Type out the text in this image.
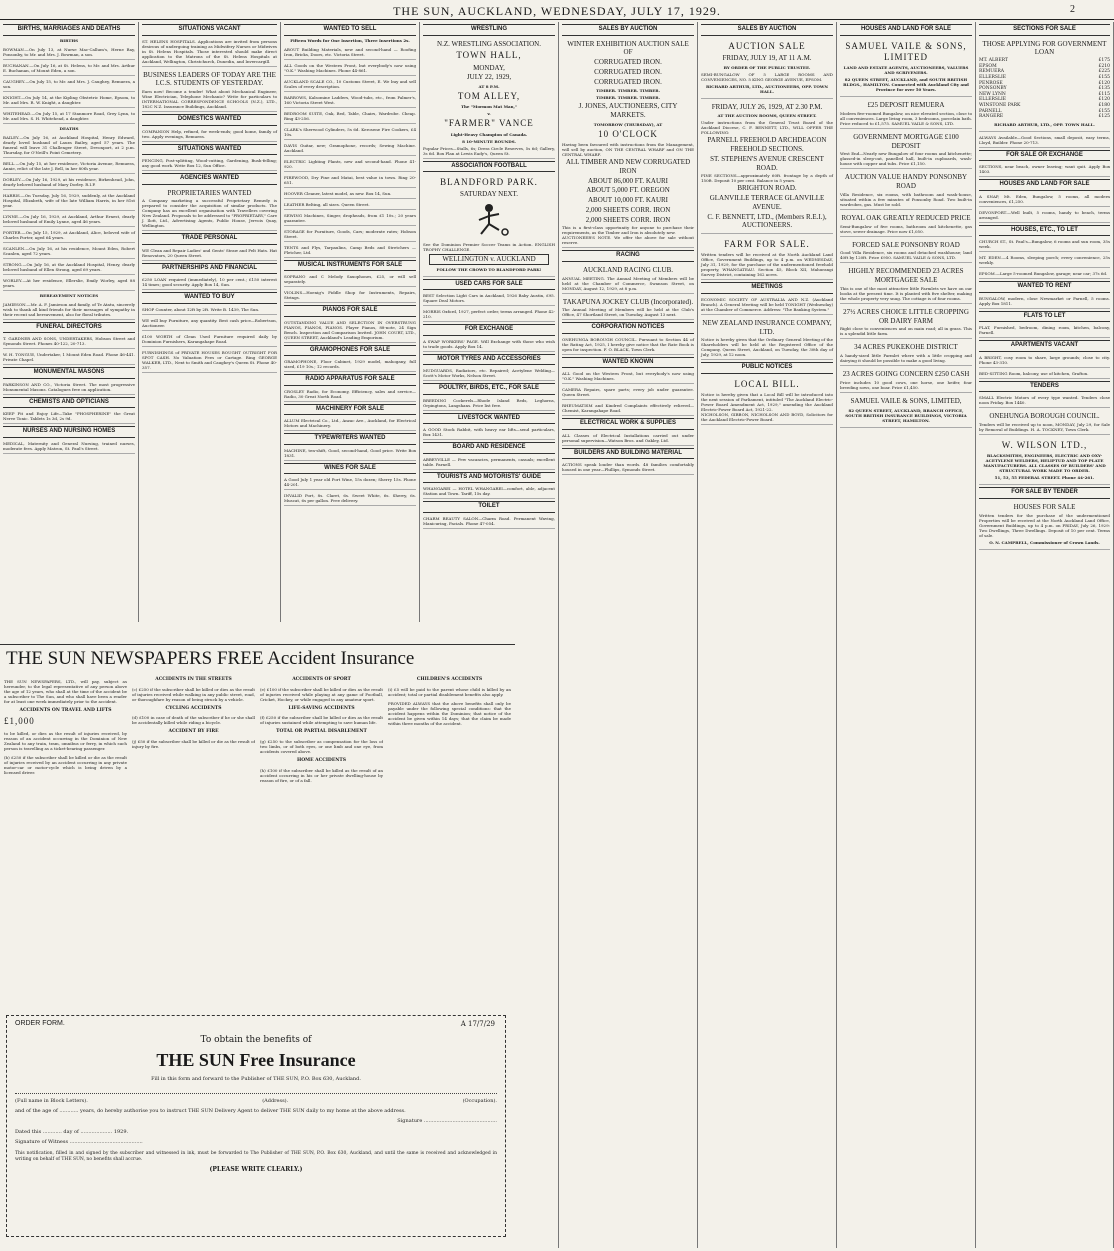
THE SUN, AUCKLAND, WEDNESDAY, JULY 17, 1929.	2
BIRTHS, MARRIAGES AND DEATHS
BIRTHS

BOWMAN.—On July 13, at Nurse Mac-Callum's, Herne Bay, Ponsonby, to Mr. and Mrs. J. Bowman, a son.

BUCHANAN.—On July 16, at St. Helens, to Mr. and Mrs. Arthur E. Buchanan, of Mount Eden, a son.

CAUGHEY.—On July 15, to Mr. and Mrs. J. Caughey, Remuera, a son.

KNIGHT.—On July 14, at the Kipling Obstetric Home, Epsom, to Mr. and Mrs. R. W. Knight, a daughter.

WHITEHEAD.—On July 15, at 17 Stanmore Road, Grey Lynn, to Mr. and Mrs. S. H. Whitehead, a daughter.

DEATHS

BAILEY.—On July 16, at Auckland Hospital, Henry Edward, dearly loved husband of Laura Bailey, aged 57 years. The funeral will leave 31 Challenger Street, Devonport, at 2 p.m. Thursday, for O'Neill's Point Cemetery.

BELL.—On July 15, at her residence, Victoria Avenue, Remuera, Annie, relict of the late J. Bell, in her 80th year.

DORLEY.—On July 16, 1929, at his residence, Birkenhead, John, dearly beloved husband of Mary Dorley. R.I.P.

HARRIS.—On Tuesday, July 16, 1929, suddenly, at the Auckland Hospital, Elizabeth, wife of the late William Harris, in her 81st year.

LYNNE.—On July 16, 1929, at Auckland, Arthur Ernest, dearly beloved husband of Emily Lynne, aged 46 years.

PORTER.—On July 15, 1929, at Auckland, Alice, beloved wife of Charles Porter, aged 64 years.

SCANLEN.—On July 16, at his residence, Mount Eden, Robert Scanlen, aged 72 years.

STRONG.—On July 16, at the Auckland Hospital, Henry, dearly beloved husband of Ellen Strong, aged 69 years.

WORLEY.—At her residence, Ellerslie, Emily Worley, aged 88 years.

BEREAVEMENT NOTICES

JAMIESON.—Mr. A. F. Jamieson and family, of Te Atatu, sincerely wish to thank all kind friends for their messages of sympathy in their recent sad bereavement, also for floral tributes.

FUNERAL DIRECTORS

T. GARDNER AND SONS, UNDERTAKERS, Hobson Street and Symonds Street. Phones 40-122, 20-713.

W. H. TONGUE, Undertaker, 1 Mount Eden Road. Phone 46-441. Private Chapel.

MONUMENTAL MASONS

PARKINSON AND CO., Victoria Street. The most progressive Monumental Masons. Catalogues free on application.

CHEMISTS AND OPTICIANS

KEEP Fit and Enjoy Life—Take "PHOSPHERINE" the Great Nerve Tonic. Tablets 1s 3d, 2s 9d.

NURSES AND NURSING HOMES

MEDICAL, Maternity and General Nursing, trained nurses, moderate fees. Apply Matron, St. Paul's Street.

SITUATIONS VACANT

ST. HELENS HOSPITALS. Applications are invited from persons desirous of undergoing training as Midwifery Nurses or Midwives in St. Helens Hospitals. Those interested should make direct application to the Matrons of the St. Helens Hospitals at Auckland, Wellington, Christchurch, Dunedin, and Invercargill.

BUSINESS LEADERS OF TODAY ARE THE I.C.S. STUDENTS OF YESTERDAY.

Earn now! Become a tender! What about Mechanical Engineer, Wine Electrician, Telephone Mechanic? Write for particulars to INTERNATIONAL CORRESPONDENCE SCHOOLS (N.Z.), LTD., 182C N.Z. Insurance Buildings, Auckland.

DOMESTICS WANTED

COMPANION Help, refined, for week-ends; good home, family of two. Apply evenings, Remuera.

SITUATIONS WANTED

FENCING, Post-splitting, Wood-cutting, Gardening, Bush-felling; any good work. Write Box 12, Sun Office.

AGENCIES WANTED
PROPRIETARIES WANTED

A Company marketing a successful Proprietary Remedy is prepared to consider the acquisition of similar products. The Company has an excellent organisation with Travellers covering New Zealand. Proposals to be addressed to "PROPRIETARY," Care J. Ilott, Ltd., Advertising Agents, Public House, Jervois Quay, Wellington.

TRADE PERSONAL

WE Clean and Repair Ladies' and Gents' Straw and Felt Hats. Hat Renovators, 20 Queen Street.

PARTNERSHIPS AND FINANCIAL

£250 LOAN required (immediately), 10 per cent.; £150 interest 14 times; good security. Apply Box 14, Sun.

WANTED TO BUY

SHOP Counter, about 12ft by 2ft. Write B. 1439, The Sun.

WE will buy Furniture, any quantity. Best cash price—Robertson, Auctioneer.

£100 WORTH of Clean Used Furniture required daily by Dominion Furnishers, Karangahape Road.

FURNISHINGS of PRIVATE HOUSES BOUGHT OUTRIGHT FOR SPOT CASH. No Valuation Fees or Cartage. Ring GEORGE WALKER, LTD., Next to Smith and Caughey's Queen St. Phone 40-357.

WANTED TO SELL
Fifteen Words for One Insertion, Three Insertions 2s.

ABOUT Building Materials, new and second-hand — Roofing Iron, Bricks, Doors, etc. Victoria Street.

ALL Goods on the Western Front, but everybody's now using "O.K." Washing Machines. Phone 44-861.

AUCKLAND SCALE CO., 10 Customs Street, E. We buy and sell Scales of every description.

BARROWS, Kalsomine Ladders, Wood-tubs, etc., from Palmer's, 160 Victoria Street West.

BEDROOM SUITE, Oak, Bed, Table, Chairs, Wardrobe. Cheap. Ring 43-256.

CLARK's Sherwood Cylinders, 5s 6d. Kerosene Fire Cookers, £4 10s.

DAVIS Guitar, new; Gramophone, records; Sewing Machine. Auckland.

ELECTRIC Lighting Plants, new and second-hand. Phone 41-920.

FIREWOOD, Dry Pine and Matai, best value in town. Ring 20-651.

HOOVER Cleaner, latest model, as new. Box 14, Sun.

LEATHER Belting, all sizes. Queen Street.

SEWING Machines, Singer, dropheads, from £1 10s.; 20 years guarantee.

STORAGE for Furniture, Goods, Cars; moderate rates; Hobson Street.

TENTS and Flys, Tarpaulins, Camp Beds and Stretchers — Fletcher, Ltd.

MUSICAL INSTRUMENTS FOR SALE

SOPRANO and C Melody Saxophones, £25, or will sell separately.

VIOLINS—Hoenig's Fiddle Shop for Instruments, Repairs, Strings.

PIANOS FOR SALE

OUTSTANDING VALUE AND SELECTION IN OVERSTRUNG PIANOS, PIANOS, PIANOS. Player Pianos, 88-note, 24 Sign Bench. Inspection and Comparison Invited. JOHN COURT, LTD., QUEEN STREET, Auckland's Leading Emporium.

GRAMOPHONES FOR SALE

GRAMOPHONE, Floor Cabinet, 1929 model, mahogany, full sized, £19 10s.; 12 records.

RADIO APPARATUS FOR SALE

CROSLEY Radio, for Economy, Efficiency, sales and service—Radio, 30 Great North Road.

MACHINERY FOR SALE

ALLUM Electrical Co., Ltd., Anzac Ave., Auckland, for Electrical Motors and Machinery.

TYPEWRITERS WANTED

MACHINE, ten-shift, Good, second-hand, Good price. Write Box 1831.

WINES FOR SALE

A Good July 1 year old Port Wine, 15s dozen; Sherry 15s. Phone 44-201.

INVALID Port, 8s. Claret, 6s. Sweet White, 6s. Sherry, 6s. Muscat, 6s per gallon. Free delivery.

WRESTLING
N.Z. WRESTLING ASSOCIATION.
TOWN HALL,
MONDAY,
JULY 22, 1929,
AT 8 P.M.
TOM ALLEY,
The "Mormon Mat Man,"
v.
"FARMER" VANCE
Light-Heavy Champion of Canada.
8 10-MINUTE ROUNDS.

Popular Prices—Stalls, 6s; Dress Circle Reserves, 5s 6d; Gallery, 3s 6d. Box Plan at Lewis Eady's, Queen St.

ASSOCIATION FOOTBALL
BLANDFORD PARK.
SATURDAY NEXT.

See the Dominion Premier Soccer Teams in Action. ENGLISH TROPHY CHALLENGE.

WELLINGTON v. AUCKLAND
FOLLOW THE CROWD TO BLANDFORD PARK!
USED CARS FOR SALE

BEST Selection Light Cars in Auckland, 1926 Baby Austin, £95. Square Deal Motors.

MORRIS Oxford, 1927, perfect order, terms arranged. Phone 42-210.

FOR EXCHANGE

A SWAP WORKERS' PAGE. Will Exchange with those who wish to trade goods. Apply Box 14.

MOTOR TYRES AND ACCESSORIES

MUDGUARDS, Radiators, etc. Repaired; Acetylene Welding—Scott's Motor Works, Nelson Street.

POULTRY, BIRDS, ETC., FOR SALE

BREEDING Cockerels—Rhode Island Reds, Leghorns, Orpingtons, Langshans. Price list free.

LIVESTOCK WANTED

A GOOD Stock Rabbit, with heavy ear lifts—send particulars, Box 1431.

BOARD AND RESIDENCE

ABBEYVILLE — Few vacancies, permanents, casuals; excellent table. Parnell.

TOURISTS AND MOTORISTS' GUIDE

WHANGAREI — HOTEL WHANGAREI—comfort, able, adjacent Station and Town. Tariff, 15s day.

TOILET

CHARM BEAUTY SALON—Charm Road. Permanent Waving, Manicuring, Facials. Phone 47-054.

SALES BY AUCTION
WINTER EXHIBITION AUCTION SALE OF
CORRUGATED IRON.
CORRUGATED IRON.
CORRUGATED IRON.
TIMBER. TIMBER. TIMBER.
TIMBER. TIMBER. TIMBER.
J. JONES, AUCTIONEERS, CITY MARKETS.
TOMORROW (THURSDAY), AT
10 O'CLOCK

Having been favoured with instructions from the Management, will sell by auction, ON THE CENTRAL WHARF and ON THE CENTRAL WHARF.

ALL TIMBER AND NEW CORRUGATED IRON
ABOUT 86,000 FT. KAURI
ABOUT 5,000 FT. OREGON
ABOUT 10,000 FT. KAURI
2,000 SHEETS CORR. IRON
2,000 SHEETS CORR. IRON

This is a first-class opportunity for anyone to purchase their requirements, as the Timber and Iron is absolutely new.

AUCTIONEER'S NOTE. We offer the above for sale without reserve.

RACING
AUCKLAND RACING CLUB.

ANNUAL MEETING. The Annual Meeting of Members will be held at the Chamber of Commerce, Swanson Street, on MONDAY, August 12, 1929, at 8 p.m.

TAKAPUNA JOCKEY CLUB (Incorporated).

The Annual Meeting of Members will be held at the Club's Office, 47 Shortland Street, on Tuesday, August 13 next.

CORPORATION NOTICES

ONEHUNGA BOROUGH COUNCIL. Pursuant to Section 44 of the Rating Act, 1925, I hereby give notice that the Rate Book is open for inspection. F. O. BLACK, Town Clerk.

WANTED KNOWN

ALL Good on the Western Front, but everybody's now using "O.K." Washing Machines.

CAMERA Repairs, spare parts; every job under guarantee. Queen Street.

RHEUMATISM and Kindred Complaints effectively relieved—Chemist, Karangahape Road.

ELECTRICAL WORK & SUPPLIES

ALL Classes of Electrical Installations carried out under personal supervision—Watson Bros. and Oakley, Ltd.

BUILDERS AND BUILDING MATERIAL

ACTIONS speak louder than words. 48 families comfortably housed in one year—Phillips, Symonds Street.

SALES BY AUCTION
AUCTION SALE
FRIDAY, JULY 19, AT 11 A.M.
BY ORDER OF THE PUBLIC TRUSTEE.

SEMI-BUNGALOW OF 5 LARGE ROOMS AND CONVENIENCES, NO. 5 KING GEORGE AVENUE, EPSOM.

RICHARD ARTHUR, LTD., AUCTIONEERS, OPP. TOWN HALL.
FRIDAY, JULY 26, 1929, AT 2.30 P.M.
AT THE AUCTION ROOMS, QUEEN STREET.

Under instructions from the General Trust Board of the Auckland Diocese, C. F. BENNETT, LTD., WILL OFFER THE FOLLOWING:

PARNELL FREEHOLD ARCHDEACON FREEHOLD SECTIONS.
ST. STEPHEN'S AVENUE CRESCENT ROAD.

FINE SECTIONS—approximately 60ft. frontage by a depth of 150ft. Deposit 10 per cent. Balance in 5 years.

BRIGHTON ROAD.
GLANVILLE TERRACE GLANVILLE AVENUE.
C. F. BENNETT, LTD., (Members R.E.I.), AUCTIONEERS.
FARM FOR SALE.

Written tenders will be received at the North Auckland Land Office, Government Buildings, up to 4 p.m. on WEDNESDAY, July 31, 1929, for the purchase of the undermentioned freehold property, WHANGATEAU. Section 45, Block XII, Mahurangi Survey District, containing 162 acres.

MEETINGS

ECONOMIC SOCIETY OF AUSTRALIA AND N.Z. (Auckland Branch). A General Meeting will be held TONIGHT (Wednesday) at the Chamber of Commerce. Address: "The Banking System."

NEW ZEALAND INSURANCE COMPANY, LTD.

Notice is hereby given that the Ordinary General Meeting of the Shareholders will be held at the Registered Office of the Company, Queen Street, Auckland, on Tuesday, the 30th day of July, 1929, at 12 noon.

PUBLIC NOTICES
LOCAL BILL.

Notice is hereby given that a Local Bill will be introduced into the next session of Parliament, intituled "The Auckland Electric-Power Board Amendment Act, 1929," amending the Auckland Electric-Power Board Act, 1921-22.

NICHOLSON, GIBBON, NICHOLSON AND BOYD, Solicitors for the Auckland Electric-Power Board.

HOUSES AND LAND FOR SALE
SAMUEL VAILE & SONS, LIMITED
LAND AND ESTATE AGENTS, AUCTIONEERS, VALUERS AND SCRIVENERS.
82 QUEEN STREET, AUCKLAND, and SOUTH BRITISH BLDGS., HAMILTON. Connected with Auckland City and Province for over 50 Years.
£25 DEPOSIT REMUERA

Modern five-roomed Bungalow, on nice elevated section, close to all conveniences. Large living room, 3 bedrooms, porcelain bath. Price reduced to £1,575. SAMUEL VAILE & SONS, LTD.

GOVERNMENT MORTGAGE £100 DEPOSIT

West End—Nearly new Bungalow of four rooms and kitchenette; glassed-in sleep-out, panelled hall, built-in cupboards, wash-house with copper and tubs. Price £1,150.

AUCTION VALUE HANDY PONSONBY ROAD

Villa Residence, six rooms, with bathroom and wash-house, situated within a few minutes of Ponsonby Road. Two built-in wardrobes, gas. Must be sold.

ROYAL OAK GREATLY REDUCED PRICE

Semi-Bungalow of five rooms, bathroom and kitchenette, gas stove, sewer drainage. Price now £1,050.

FORCED SALE PONSONBY ROAD

Good Villa Residence, six rooms and detached washhouse; land 40ft by 120ft. Price £950. SAMUEL VAILE & SONS, LTD.

HIGHLY RECOMMENDED 23 ACRES MORTGAGEE SALE

This is one of the most attractive little Farmlets we have on our books at the present time. It is planted with five shelter, making the whole property very snug. The cottage is of four rooms.

27½ ACRES CHOICE LITTLE CROPPING OR DAIRY FARM

Right close to conveniences and on main road; all in grass. This is a splendid little farm.

34 ACRES PUKEKOHE DISTRICT

A handy-sized little Farmlet where with a little cropping and dairying it should be possible to make a good living.

23 ACRES GOING CONCERN £250 CASH

Price includes 10 good cows, one horse, one heifer, four breeding sows, one boar. Price £1,450.

SAMUEL VAILE & SONS, LIMITED,
82 QUEEN STREET, AUCKLAND, BRANCH OFFICE, SOUTH BRITISH INSURANCE BUILDINGS, VICTORIA STREET, HAMILTON.
SECTIONS FOR SALE
THOSE APPLYING FOR GOVERNMENT LOAN
MT. ALBERT	£175
EPSOM	£210
REMUERA	£225
ELLERSLIE	£155
PENROSE	£120
PONSONBY	£135
NEW LYNN	£115
ELLERSLIE	£120
WINSTONE PARK	£180
PARNELL	£155
RANGERE	£125
RICHARD ARTHUR, LTD., OPP. TOWN HALL.

ALWAYS Available—Good Sections, small deposit, easy terms, Lloyd, Builder. Phone 20-713.

FOR SALE OR EXCHANGE

SECTIONS, near beach, owner leaving; want quit. Apply Box 1403.

HOUSES AND LAND FOR SALE

A SNAP, Mt. Eden, Bungalow, 5 rooms, all modern conveniences, £1,250.

DEVONPORT.—Well built, 5 rooms, handy to beach, terms arranged.

HOUSES, ETC., TO LET

CHURCH ST., St. Paul's—Bungalow, 6 rooms and sun room, 35s week.

MT. EDEN.—4 Rooms, sleeping porch; every convenience, 25s weekly.

EPSOM.—Large 5-roomed Bungalow, garage; near car; 37s 6d.

WANTED TO RENT

BUNGALOW, modern, close Newmarket or Parnell, 5 rooms. Apply Box 1811.

FLATS TO LET

FLAT, Furnished, bedroom, dining room, kitchen, balcony, Parnell.

APARTMENTS VACANT

A BRIGHT, cosy room to share, large grounds; close to city. Phone 43-310.

BED-SITTING Room, balcony, use of kitchen, Grafton.

TENDERS

SMALL Electric Motors of every type wanted. Tenders close noon Friday. Box 1440.

ONEHUNGA BOROUGH COUNCIL.

Tenders will be received up to noon, MONDAY, July 29, for Sale by Removal of Buildings. H. A. TOCKNEY, Town Clerk.

W. WILSON LTD.,
BLACKSMITHS, ENGINEERS, ELECTRIC AND OXY-ACETYLENE WELDERS, HELIPTUD AND TOP PLATE MANUFACTURERS. ALL CLASSES OF BUILDERS' AND STRUCTURAL WORK MADE TO ORDER.
51, 53, 55 FEDERAL STREET. Phone 44-261.
FOR SALE BY TENDER
HOUSES FOR SALE

Written tenders for the purchase of the undermentioned Properties will be received at the North Auckland Land Office, Government Buildings, up to 4 p.m. on FRIDAY, July 26, 1929: Two Dwellings, Three Dwellings. Deposit of 10 per cent. Terms of sale.

O. N. CAMPBELL, Commissioner of Crown Lands.
THE SUN NEWSPAPERS FREE Accident Insurance

THE SUN NEWSPAPERS, LTD., will pay, subject as hereunder, to the legal representative of any person above the age of 12 years, who shall at the time of the accident be a subscriber to The Sun, and who shall have been a reader for at least one week immediately prior to the accident.

ACCIDENTS ON TRAVEL AND LIFTS
£1,000

to be killed, or dies as the result of injuries received, by reason of an accident occurring in the Dominion of New Zealand to any train, tram, omnibus or ferry, in which such person is travelling as a ticket-bearing passenger.

(b) £250 if the subscriber shall be killed or die as the result of injuries received by an accident occurring in any private motor-car or motor-cycle which is being driven by a licensed driver.

ACCIDENTS IN THE STREETS

(c) £250 if the subscriber shall be killed or dies as the result of injuries received while walking in any public street, road, or thoroughfare by reason of being struck by a vehicle.

CYCLING ACCIDENTS

(d) £100 in case of death of the subscriber if he or she shall be accidentally killed while riding a bicycle.

ACCIDENT BY FIRE

(j) £50 if the subscriber shall be killed or die as the result of injury by fire.

ACCIDENTS OF SPORT

(e) £100 if the subscriber shall be killed or dies as the result of injuries received while playing at any game of Football, Cricket, Hockey, or while engaged in any amateur sport.

LIFE-SAVING ACCIDENTS

(f) £250 if the subscriber shall be killed or dies as the result of injuries sustained while attempting to save human life.

TOTAL OR PARTIAL DISABLEMENT

(g) £250 to the subscriber as compensation for the loss of two limbs, or of both eyes, or one limb and one eye, from accidents covered above.

HOME ACCIDENTS

(h) £100 if the subscriber shall be killed as the result of an accident occurring in his or her private dwelling-house by reason of fire, or of a fall.

CHILDREN'S ACCIDENTS

(i) £5 will be paid to the parent whose child is killed by an accident; total or partial disablement benefits also apply.

PROVIDED ALWAYS that the above benefits shall only be payable under the following special conditions: that the accident happens within the Dominion; that notice of the accident be given within 14 days; that the claim be made within three months of the accident.

ORDER FORM.	A 17/7/29
To obtain the benefits of
THE SUN Free Insurance
Fill in this form and forward to the Publisher of THE SUN, P.O. Box 630, Auckland.
(Full name in Block Letters).	(Address).	(Occupation).
and of the age of ............ years, do hereby authorise you to instruct THE SUN Delivery Agent to deliver THE SUN daily to my home at the above address.
Signature ..............................................
Dated this ............ day of .................... 1929.
Signature of Witness ..............................................
This notification, filled in and signed by the subscriber and witnessed in ink, must be forwarded to The Publisher of THE SUN, P.O. Box 630, Auckland, and until the same is received and acknowledged in writing on behalf of THE SUN, no benefits shall accrue.
(PLEASE WRITE CLEARLY.)
